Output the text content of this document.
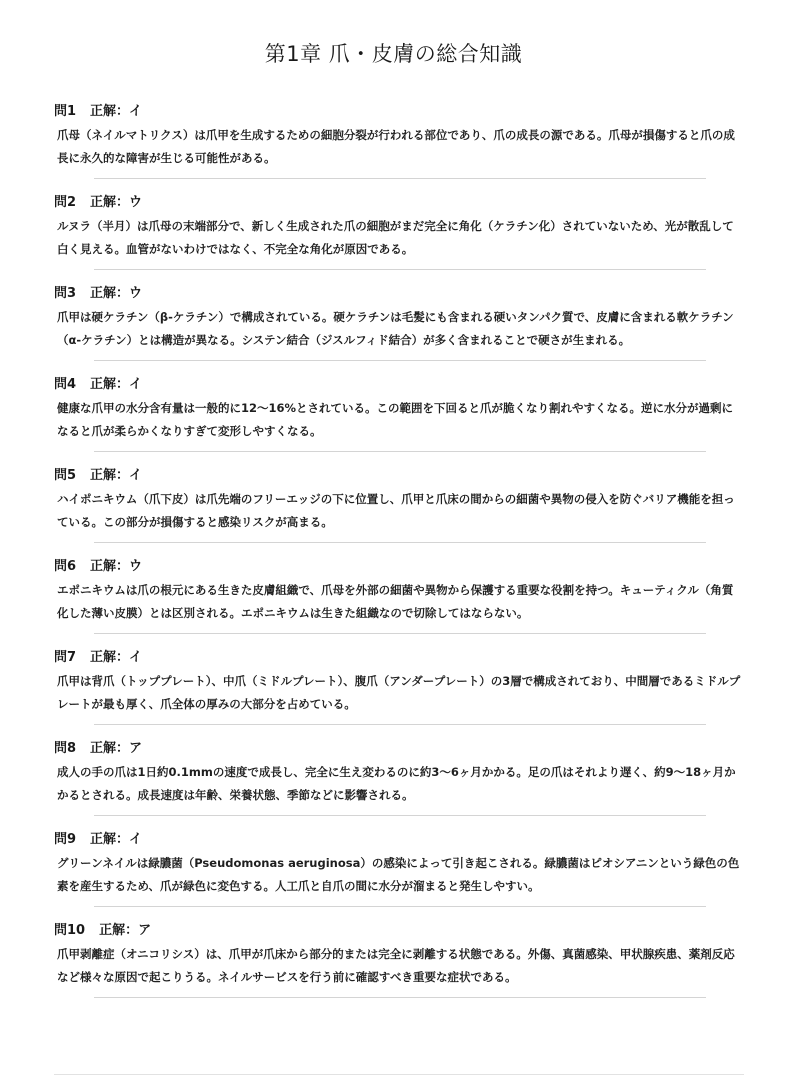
第1章 爪・皮膚の総合知識
問1 正解：イ

爪母（ネイルマトリクス）は爪甲を生成するための細胞分裂が行われる部位であり、爪の成長の源である。爪母が損傷すると爪の成長に永久的な障害が生じる可能性がある。

問2 正解：ウ

ルヌラ（半月）は爪母の末端部分で、新しく生成された爪の細胞がまだ完全に角化（ケラチン化）されていないため、光が散乱して白く見える。血管がないわけではなく、不完全な角化が原因である。

問3 正解：ウ

爪甲は硬ケラチン（β-ケラチン）で構成されている。硬ケラチンは毛髪にも含まれる硬いタンパク質で、皮膚に含まれる軟ケラチン（α-ケラチン）とは構造が異なる。システン結合（ジスルフィド結合）が多く含まれることで硬さが生まれる。

問4 正解：イ

健康な爪甲の水分含有量は一般的に12〜16%とされている。この範囲を下回ると爪が脆くなり割れやすくなる。逆に水分が過剰になると爪が柔らかくなりすぎて変形しやすくなる。

問5 正解：イ

ハイポニキウム（爪下皮）は爪先端のフリーエッジの下に位置し、爪甲と爪床の間からの細菌や異物の侵入を防ぐバリア機能を担っている。この部分が損傷すると感染リスクが高まる。

問6 正解：ウ

エポニキウムは爪の根元にある生きた皮膚組織で、爪母を外部の細菌や異物から保護する重要な役割を持つ。キューティクル（角質化した薄い皮膜）とは区別される。エポニキウムは生きた組織なので切除してはならない。

問7 正解：イ

爪甲は背爪（トッププレート）、中爪（ミドルプレート）、腹爪（アンダープレート）の3層で構成されており、中間層であるミドルプレートが最も厚く、爪全体の厚みの大部分を占めている。

問8 正解：ア

成人の手の爪は1日約0.1mmの速度で成長し、完全に生え変わるのに約3〜6ヶ月かかる。足の爪はそれより遅く、約9〜18ヶ月かかるとされる。成長速度は年齢、栄養状態、季節などに影響される。

問9 正解：イ

グリーンネイルは緑膿菌（Pseudomonas aeruginosa）の感染によって引き起こされる。緑膿菌はピオシアニンという緑色の色素を産生するため、爪が緑色に変色する。人工爪と自爪の間に水分が溜まると発生しやすい。

問10 正解：ア

爪甲剥離症（オニコリシス）は、爪甲が爪床から部分的または完全に剥離する状態である。外傷、真菌感染、甲状腺疾患、薬剤反応など様々な原因で起こりうる。ネイルサービスを行う前に確認すべき重要な症状である。
